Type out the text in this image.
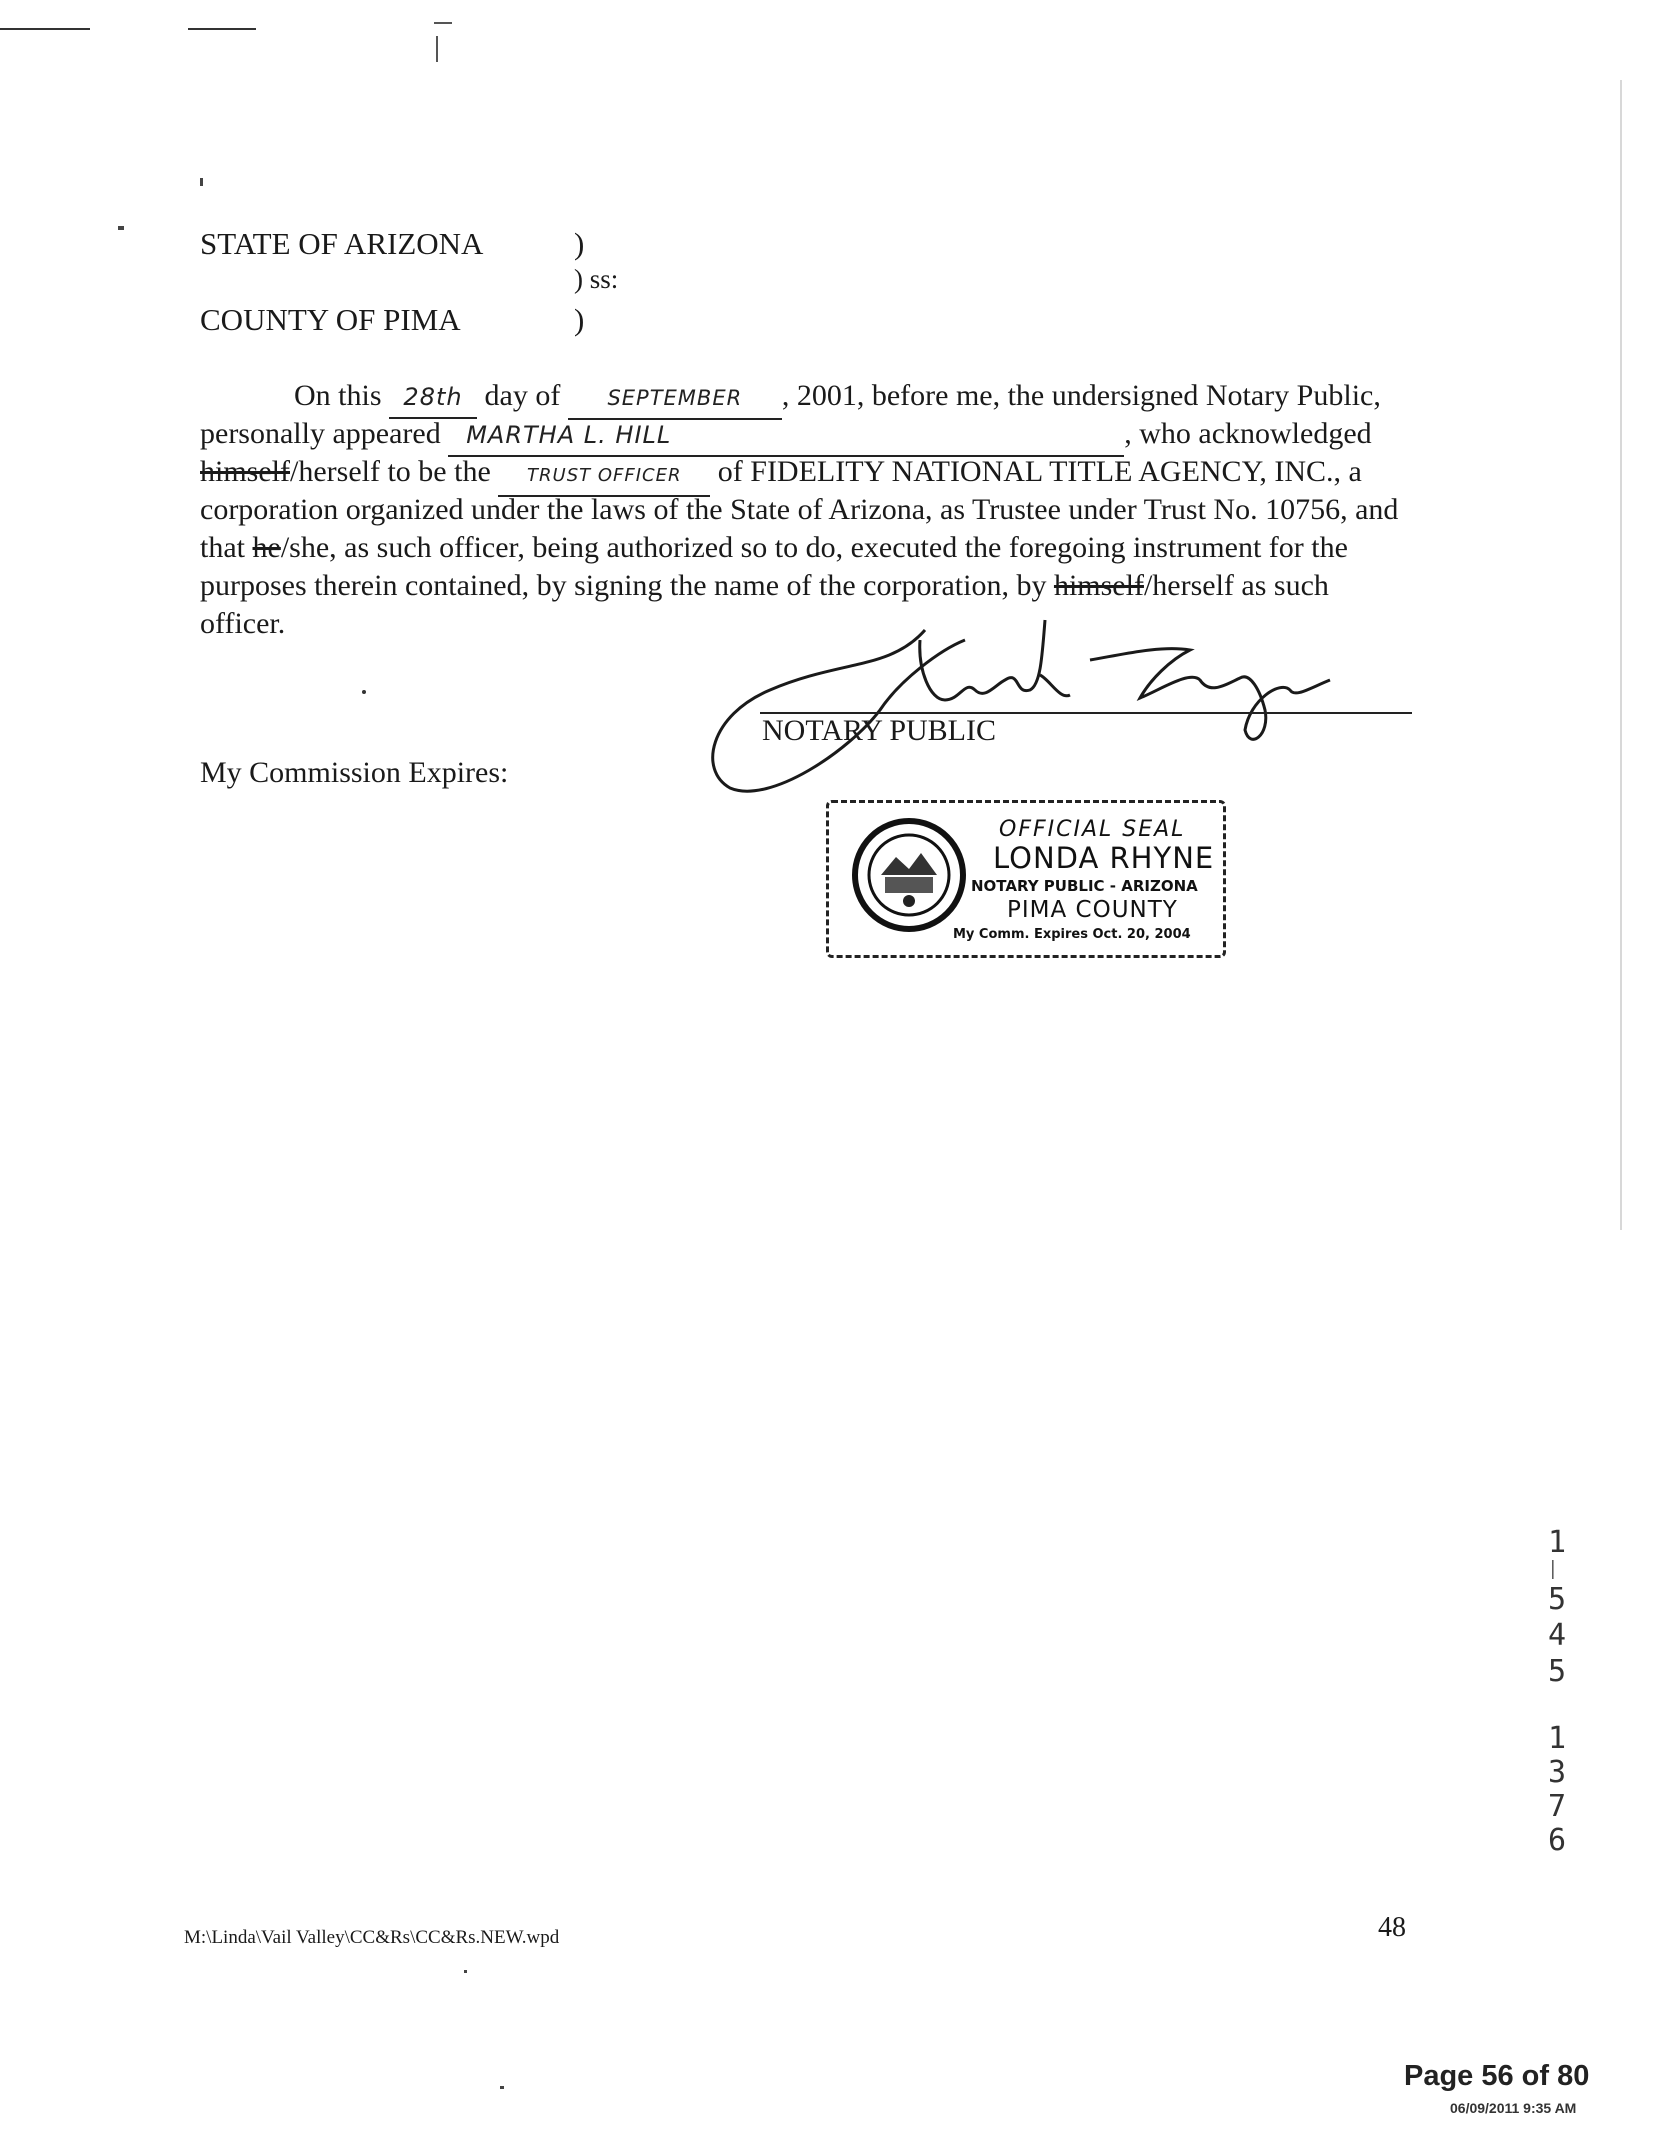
STATE OF ARIZONA	)
) ss:
COUNTY OF PIMA	)
On this 28th day of SEPTEMBER , 2001, before me, the undersigned Notary Public,
personally appeared MARTHA L. HILL	, who acknowledged
himself/herself to be the TRUST OFFICER of FIDELITY NATIONAL TITLE AGENCY, INC., a
corporation organized under the laws of the State of Arizona, as Trustee under Trust No. 10756, and
that he/she, as such officer, being authorized so to do, executed the foregoing instrument for the
purposes therein contained, by signing the name of the corporation, by himself/herself as such
officer.
NOTARY PUBLIC
My Commission Expires:
OFFICIAL SEAL
LONDA RHYNE
NOTARY PUBLIC - ARIZONA
PIMA COUNTY
My Comm. Expires Oct. 20, 2004
1
│
5
4
5
1
3
7
6
M:\Linda\Vail Valley\CC&Rs\CC&Rs.NEW.wpd	48
Page 56 of 80
06/09/2011 9:35 AM
